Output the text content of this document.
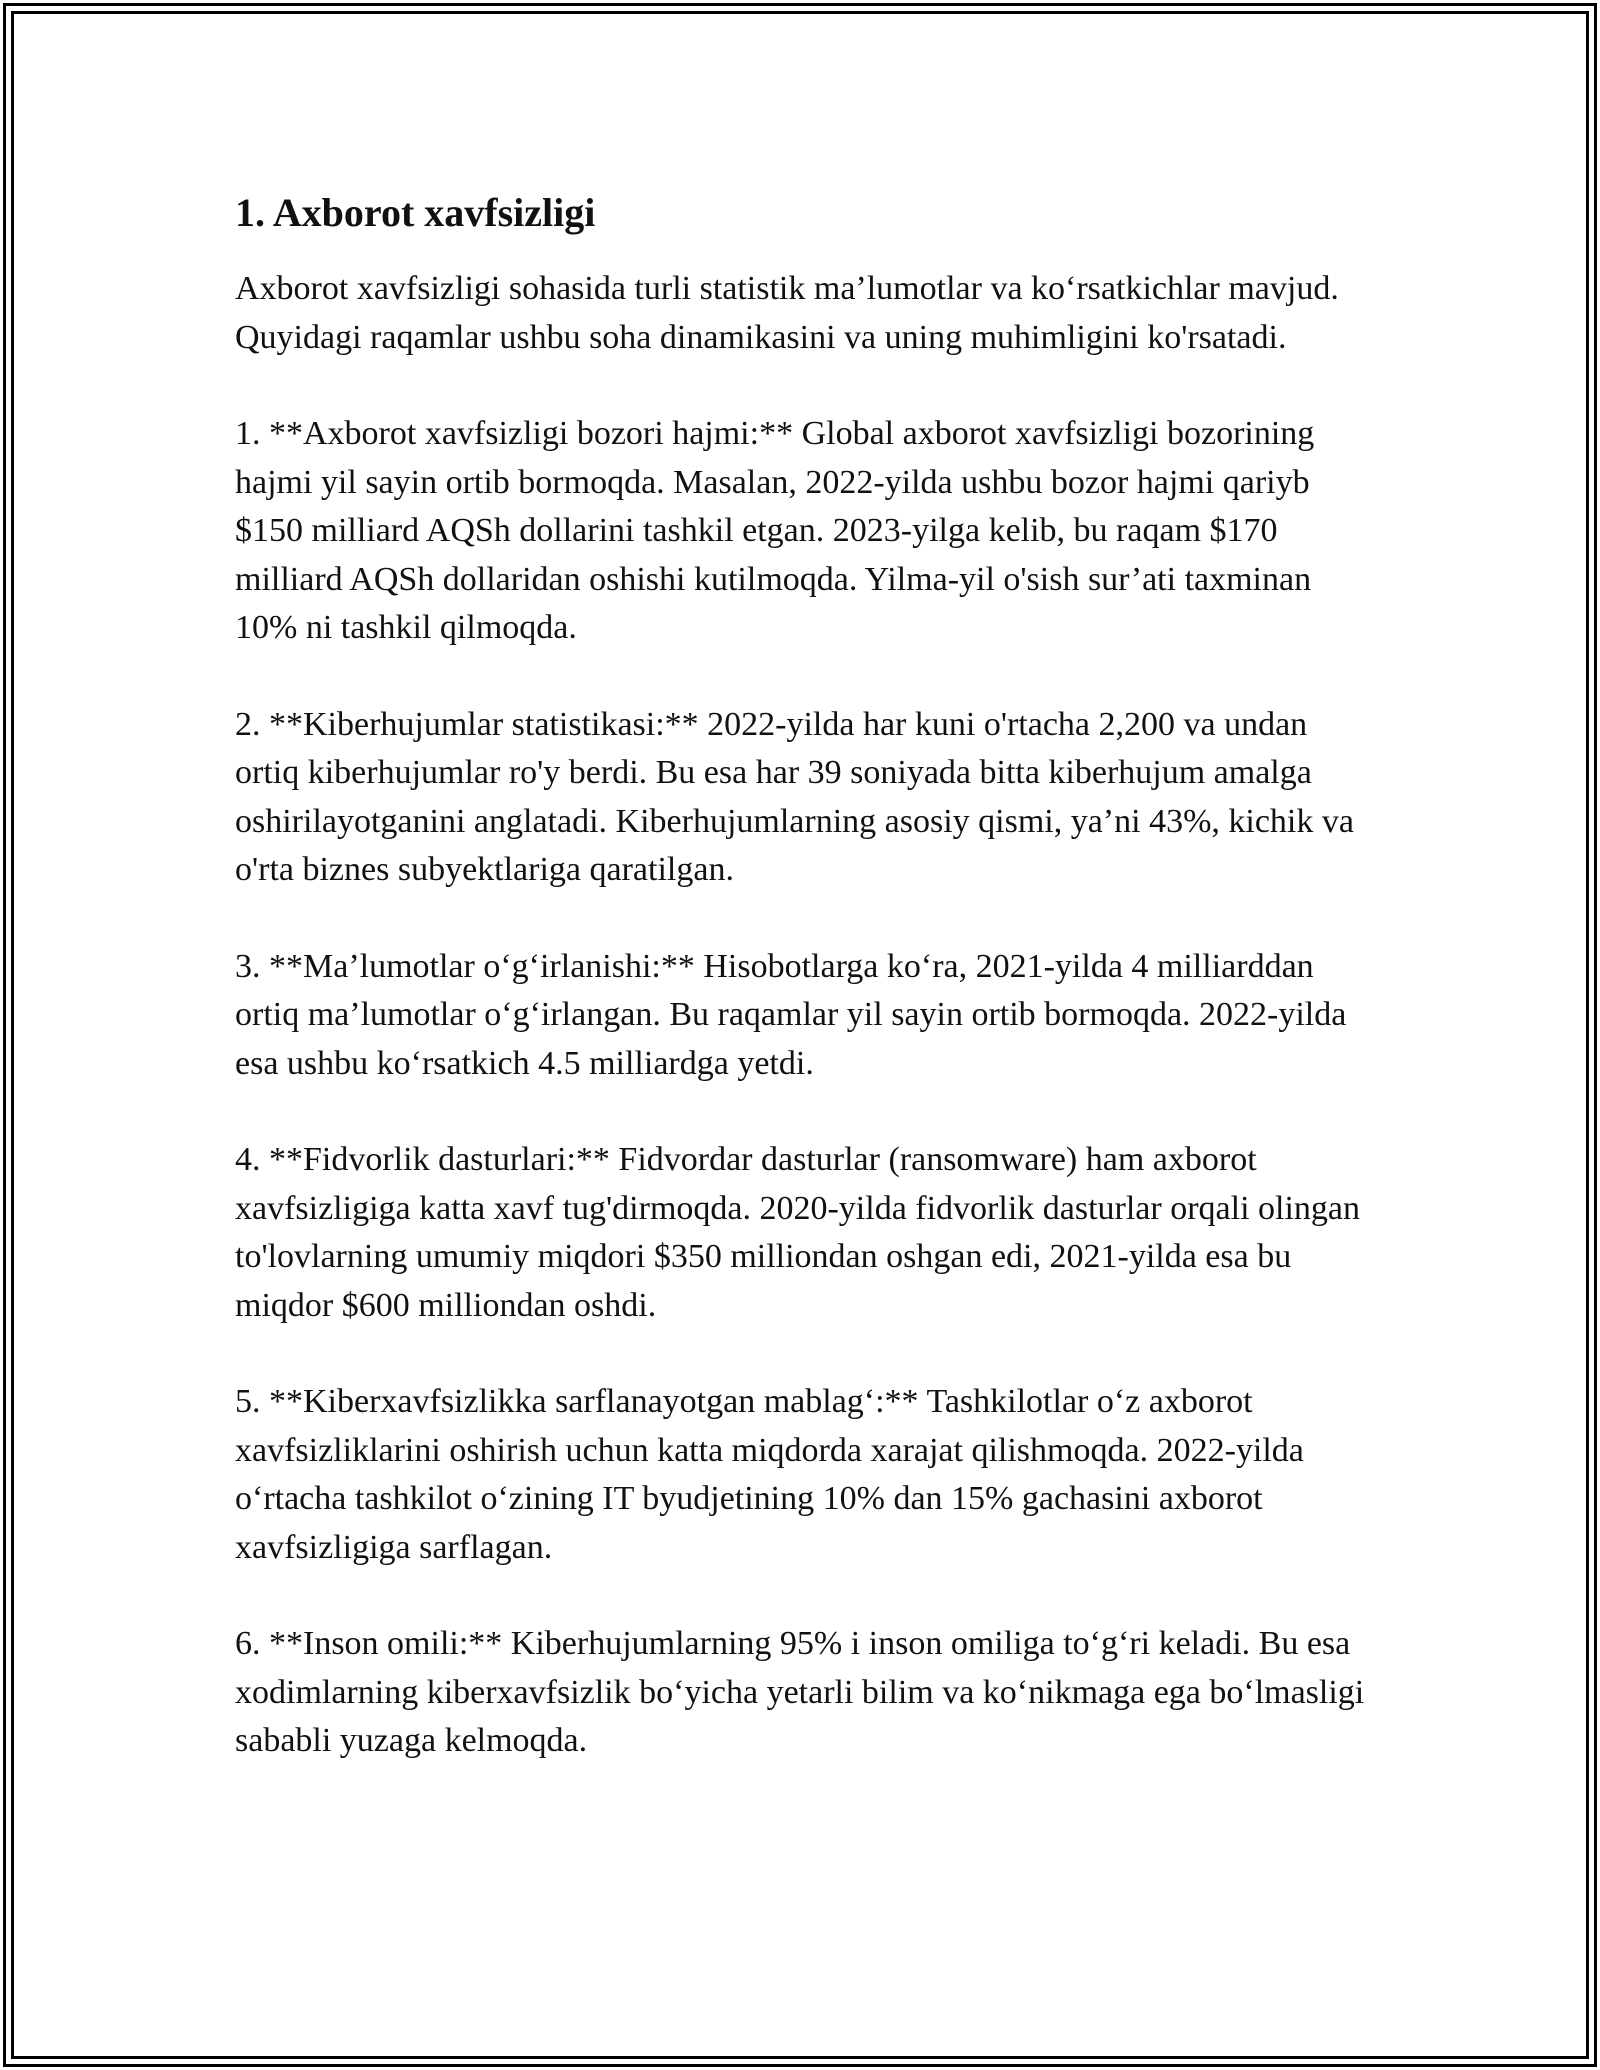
1. Axborot xavfsizligi

Axborot xavfsizligi sohasida turli statistik ma’lumotlar va ko‘rsatkichlar mavjud. Quyidagi raqamlar ushbu soha dinamikasini va uning muhimligini ko'rsatadi.

1. **Axborot xavfsizligi bozori hajmi:** Global axborot xavfsizligi bozorining hajmi yil sayin ortib bormoqda. Masalan, 2022-yilda ushbu bozor hajmi qariyb $150 milliard AQSh dollarini tashkil etgan. 2023-yilga kelib, bu raqam $170 milliard AQSh dollaridan oshishi kutilmoqda. Yilma-yil o'sish sur’ati taxminan 10% ni tashkil qilmoqda.

2. **Kiberhujumlar statistikasi:** 2022-yilda har kuni o'rtacha 2,200 va undan ortiq kiberhujumlar ro'y berdi. Bu esa har 39 soniyada bitta kiberhujum amalga oshirilayotganini anglatadi. Kiberhujumlarning asosiy qismi, ya’ni 43%, kichik va o'rta biznes subyektlariga qaratilgan.

3. **Ma’lumotlar o‘g‘irlanishi:** Hisobotlarga ko‘ra, 2021-yilda 4 milliarddan ortiq ma’lumotlar o‘g‘irlangan. Bu raqamlar yil sayin ortib bormoqda. 2022-yilda esa ushbu ko‘rsatkich 4.5 milliardga yetdi.

4. **Fidvorlik dasturlari:** Fidvordar dasturlar (ransomware) ham axborot xavfsizligiga katta xavf tug'dirmoqda. 2020-yilda fidvorlik dasturlar orqali olingan to'lovlarning umumiy miqdori $350 milliondan oshgan edi, 2021-yilda esa bu miqdor $600 milliondan oshdi.

5. **Kiberxavfsizlikka sarflanayotgan mablag‘:** Tashkilotlar o‘z axborot xavfsizliklarini oshirish uchun katta miqdorda xarajat qilishmoqda. 2022-yilda o‘rtacha tashkilot o‘zining IT byudjetining 10% dan 15% gachasini axborot xavfsizligiga sarflagan.

6. **Inson omili:** Kiberhujumlarning 95% i inson omiliga to‘g‘ri keladi. Bu esa xodimlarning kiberxavfsizlik bo‘yicha yetarli bilim va ko‘nikmaga ega bo‘lmasligi sababli yuzaga kelmoqda.
